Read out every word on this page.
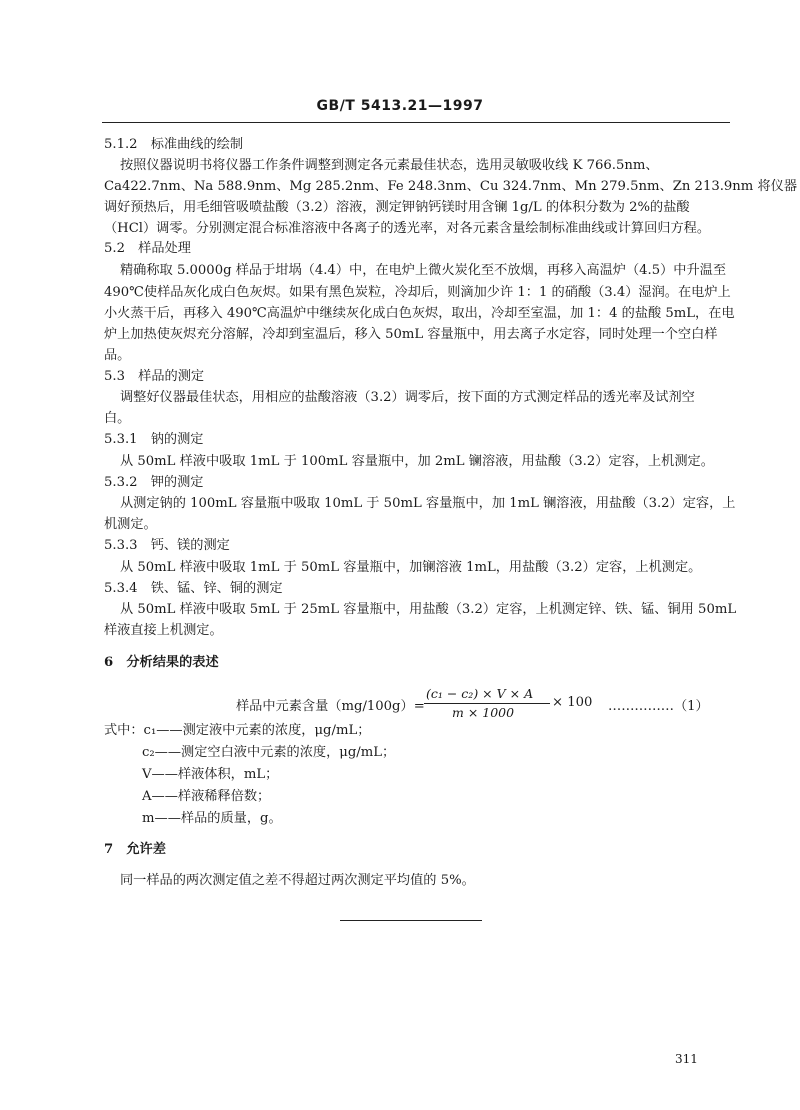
GB/T 5413.21—1997
5.1.2　标准曲线的绘制
按照仪器说明书将仪器工作条件调整到测定各元素最佳状态，选用灵敏吸收线 K 766.5nm、
Ca422.7nm、Na 588.9nm、Mg 285.2nm、Fe 248.3nm、Cu 324.7nm、Mn 279.5nm、Zn 213.9nm 将仪器
调好预热后，用毛细管吸喷盐酸（3.2）溶液，测定钾钠钙镁时用含镧 1g/L 的体积分数为 2%的盐酸
（HCl）调零。分别测定混合标准溶液中各离子的透光率，对各元素含量绘制标准曲线或计算回归方程。
5.2　样品处理
精确称取 5.0000g 样品于坩埚（4.4）中，在电炉上微火炭化至不放烟，再移入高温炉（4.5）中升温至
490℃使样品灰化成白色灰烬。如果有黑色炭粒，冷却后，则滴加少许 1：1 的硝酸（3.4）湿润。在电炉上
小火蒸干后，再移入 490℃高温炉中继续灰化成白色灰烬，取出，冷却至室温，加 1：4 的盐酸 5mL，在电
炉上加热使灰烬充分溶解，冷却到室温后，移入 50mL 容量瓶中，用去离子水定容，同时处理一个空白样
品。
5.3　样品的测定
调整好仪器最佳状态，用相应的盐酸溶液（3.2）调零后，按下面的方式测定样品的透光率及试剂空
白。
5.3.1　钠的测定
从 50mL 样液中吸取 1mL 于 100mL 容量瓶中，加 2mL 镧溶液，用盐酸（3.2）定容，上机测定。
5.3.2　钾的测定
从测定钠的 100mL 容量瓶中吸取 10mL 于 50mL 容量瓶中，加 1mL 镧溶液，用盐酸（3.2）定容，上
机测定。
5.3.3　钙、镁的测定
从 50mL 样液中吸取 1mL 于 50mL 容量瓶中，加镧溶液 1mL，用盐酸（3.2）定容，上机测定。
5.3.4　铁、锰、锌、铜的测定
从 50mL 样液中吸取 5mL 于 25mL 容量瓶中，用盐酸（3.2）定容，上机测定锌、铁、锰、铜用 50mL
样液直接上机测定。
6　分析结果的表述
样品中元素含量（mg/100g）=
(c₁ − c₂) × V × A
m × 1000
× 100 ……………（1）
式中：c₁——测定液中元素的浓度，μg/mL；
c₂——测定空白液中元素的浓度，μg/mL；
V——样液体积，mL；
A——样液稀释倍数；
m——样品的质量，g。
7　允许差
同一样品的两次测定值之差不得超过两次测定平均值的 5%。
311
